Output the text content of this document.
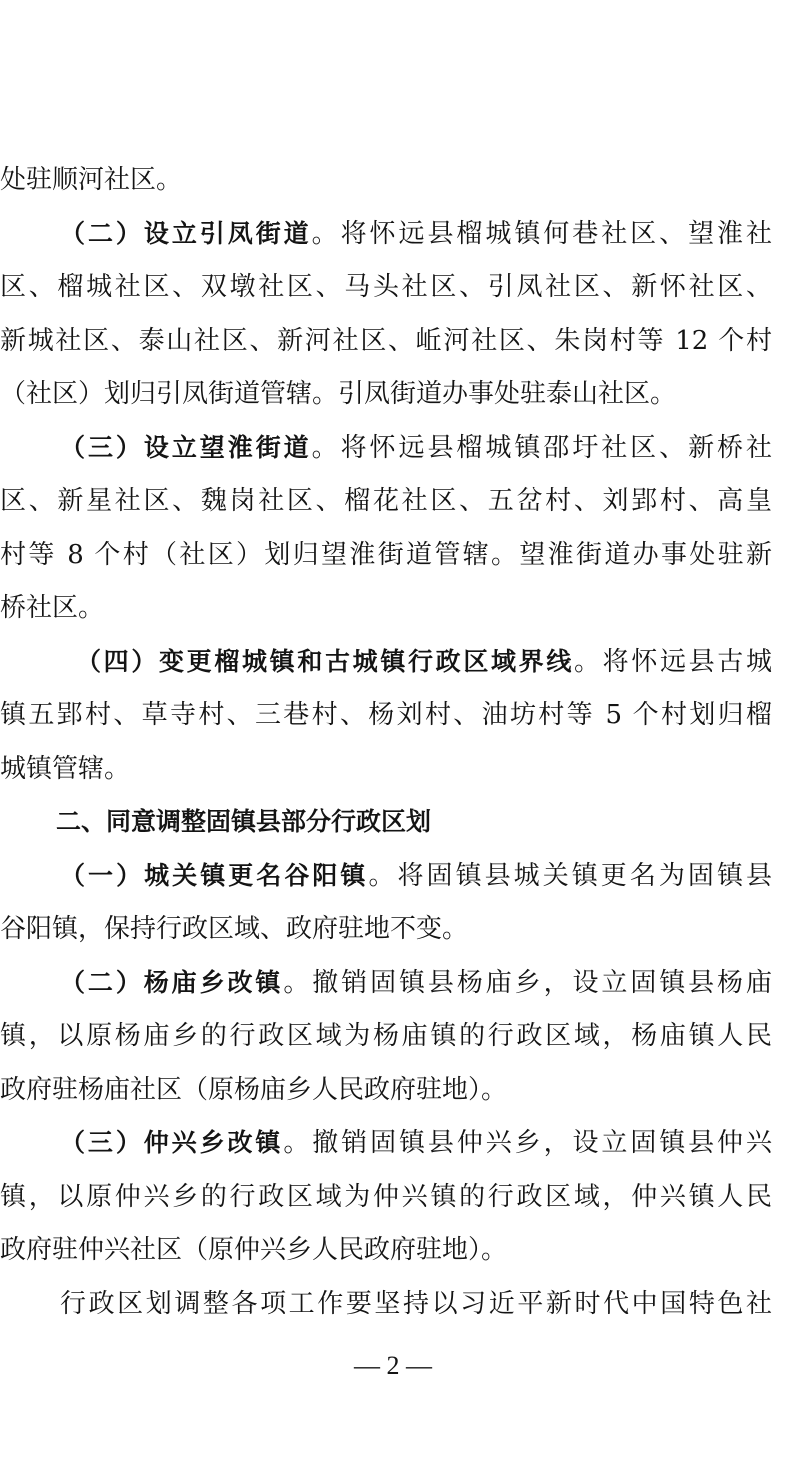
处驻顺河社区。
（二）设立引凤街道。将怀远县榴城镇何巷社区、望淮社
区、榴城社区、双墩社区、马头社区、引凤社区、新怀社区、
新城社区、泰山社区、新河社区、岴河社区、朱岗村等 12 个村
（社区）划归引凤街道管辖。引凤街道办事处驻泰山社区。
（三）设立望淮街道。将怀远县榴城镇邵圩社区、新桥社
区、新星社区、魏岗社区、榴花社区、五岔村、刘郢村、高皇
村等 8 个村（社区）划归望淮街道管辖。望淮街道办事处驻新
桥社区。
（四）变更榴城镇和古城镇行政区域界线。将怀远县古城
镇五郢村、草寺村、三巷村、杨刘村、油坊村等 5 个村划归榴
城镇管辖。
二、同意调整固镇县部分行政区划
（一）城关镇更名谷阳镇。将固镇县城关镇更名为固镇县
谷阳镇，保持行政区域、政府驻地不变。
（二）杨庙乡改镇。撤销固镇县杨庙乡，设立固镇县杨庙
镇，以原杨庙乡的行政区域为杨庙镇的行政区域，杨庙镇人民
政府驻杨庙社区（原杨庙乡人民政府驻地）。
（三）仲兴乡改镇。撤销固镇县仲兴乡，设立固镇县仲兴
镇，以原仲兴乡的行政区域为仲兴镇的行政区域，仲兴镇人民
政府驻仲兴社区（原仲兴乡人民政府驻地）。
行政区划调整各项工作要坚持以习近平新时代中国特色社
— 2 —
